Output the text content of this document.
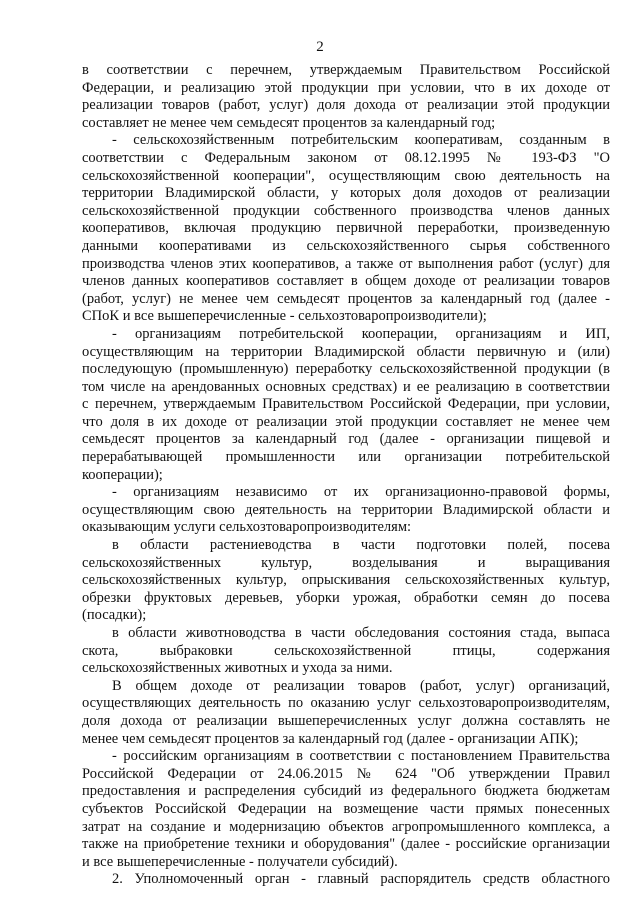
2
в соответствии с перечнем, утверждаемым Правительством Российской
Федерации, и реализацию этой продукции при условии, что в их доходе от
реализации товаров (работ, услуг) доля дохода от реализации этой продукции
составляет не менее чем семьдесят процентов за календарный год;
- сельскохозяйственным потребительским кооперативам, созданным в
соответствии с Федеральным законом от 08.12.1995 № 193-ФЗ "О
сельскохозяйственной кооперации", осуществляющим свою деятельность на
территории Владимирской области, у которых доля доходов от реализации
сельскохозяйственной продукции собственного производства членов данных
кооперативов, включая продукцию первичной переработки, произведенную
данными кооперативами из сельскохозяйственного сырья собственного
производства членов этих кооперативов, а также от выполнения работ (услуг) для
членов данных кооперативов составляет в общем доходе от реализации товаров
(работ, услуг) не менее чем семьдесят процентов за календарный год (далее -
СПоК и все вышеперечисленные - сельхозтоваропроизводители);
- организациям потребительской кооперации, организациям и ИП,
осуществляющим на территории Владимирской области первичную и (или)
последующую (промышленную) переработку сельскохозяйственной продукции (в
том числе на арендованных основных средствах) и ее реализацию в соответствии
с перечнем, утверждаемым Правительством Российской Федерации, при условии,
что доля в их доходе от реализации этой продукции составляет не менее чем
семьдесят процентов за календарный год (далее - организации пищевой и
перерабатывающей промышленности или организации потребительской
кооперации);
- организациям независимо от их организационно-правовой формы,
осуществляющим свою деятельность на территории Владимирской области и
оказывающим услуги сельхозтоваропроизводителям:
в области растениеводства в части подготовки полей, посева
сельскохозяйственных культур, возделывания и выращивания
сельскохозяйственных культур, опрыскивания сельскохозяйственных культур,
обрезки фруктовых деревьев, уборки урожая, обработки семян до посева
(посадки);
в области животноводства в части обследования состояния стада, выпаса
скота, выбраковки сельскохозяйственной птицы, содержания
сельскохозяйственных животных и ухода за ними.
В общем доходе от реализации товаров (работ, услуг) организаций,
осуществляющих деятельность по оказанию услуг сельхозтоваропроизводителям,
доля дохода от реализации вышеперечисленных услуг должна составлять не
менее чем семьдесят процентов за календарный год (далее - организации АПК);
- российским организациям в соответствии с постановлением Правительства
Российской Федерации от 24.06.2015 № 624 "Об утверждении Правил
предоставления и распределения субсидий из федерального бюджета бюджетам
субъектов Российской Федерации на возмещение части прямых понесенных
затрат на создание и модернизацию объектов агропромышленного комплекса, а
также на приобретение техники и оборудования" (далее - российские организации
и все вышеперечисленные - получатели субсидий).
2. Уполномоченный орган - главный распорядитель средств областного
